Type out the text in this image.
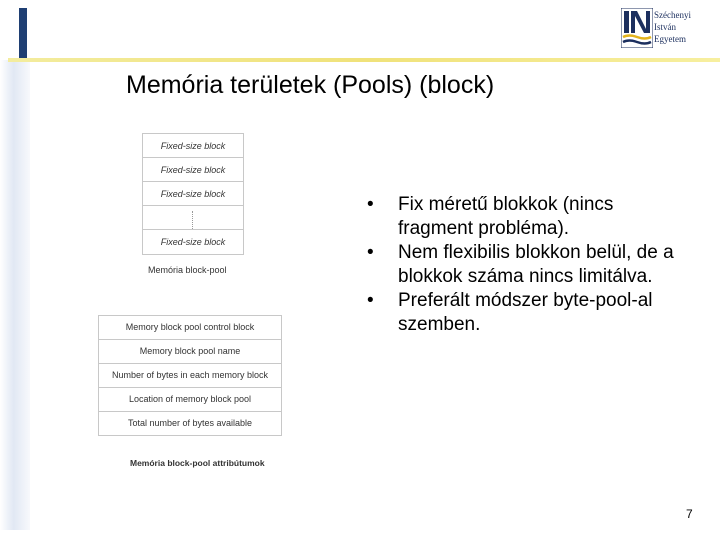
Széchenyi
István
Egyetem
Memória területek (Pools) (block)
Fixed-size block
Fixed-size block
Fixed-size block
Fixed-size block
Memória block-pool
Memory block pool control block
Memory block pool name
Number of bytes in each memory block
Location of memory block pool
Total number of bytes available
Memória block-pool attribútumok
• Fix méretű blokkok (nincs fragment probléma).
• Nem flexibilis blokkon belül, de a blokkok száma nincs limitálva.
• Preferált módszer byte-pool-al szemben.
7
